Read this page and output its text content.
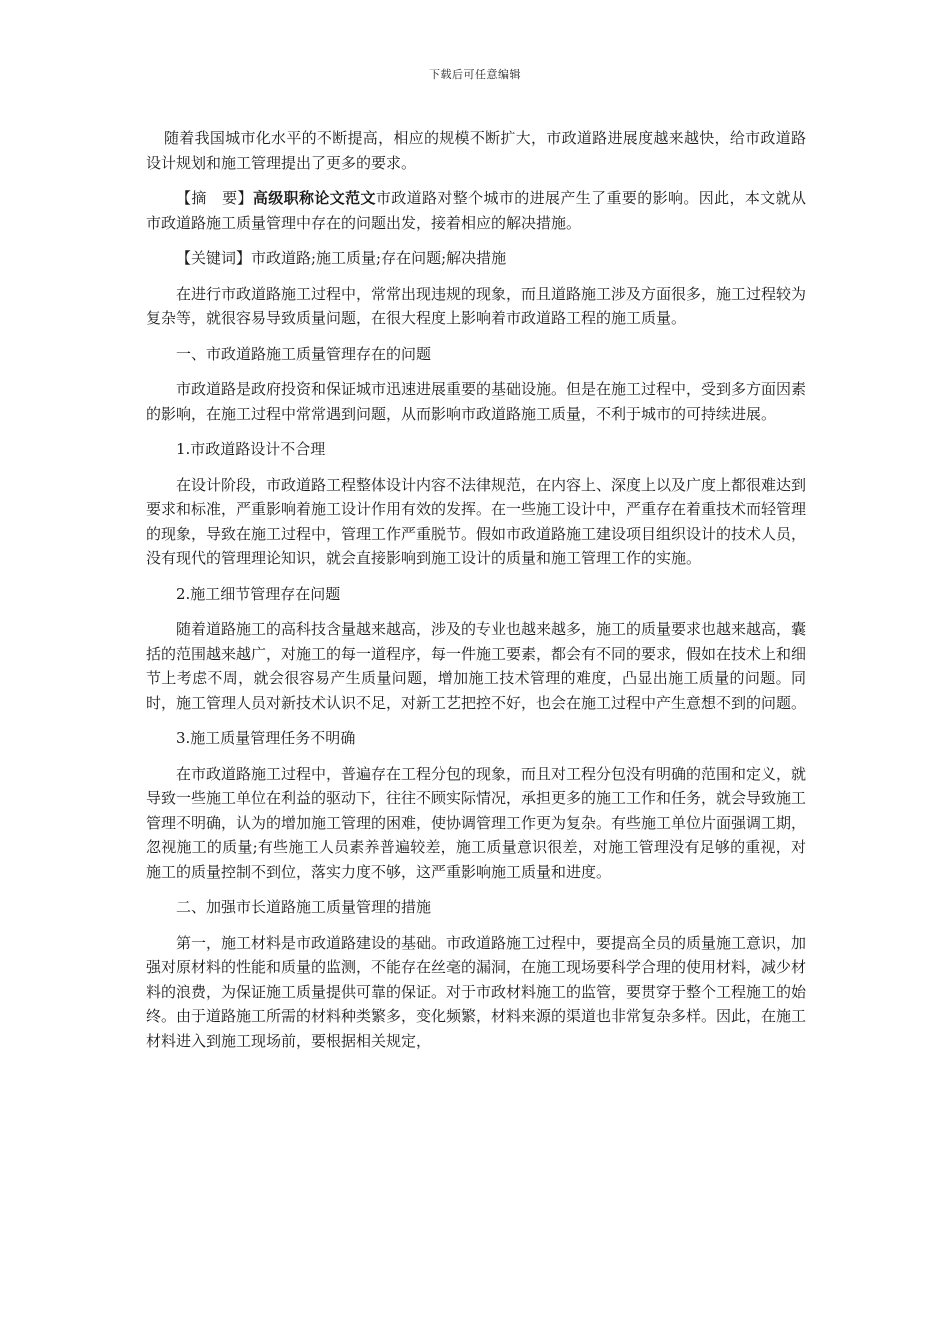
下载后可任意编辑

随着我国城市化水平的不断提高，相应的规模不断扩大，市政道路进展度越来越快，给市政道路设计规划和施工管理提出了更多的要求。

【摘　要】高级职称论文范文市政道路对整个城市的进展产生了重要的影响。因此，本文就从市政道路施工质量管理中存在的问题出发，接着相应的解决措施。

【关键词】市政道路;施工质量;存在问题;解决措施

在进行市政道路施工过程中，常常出现违规的现象，而且道路施工涉及方面很多，施工过程较为复杂等，就很容易导致质量问题，在很大程度上影响着市政道路工程的施工质量。

一、市政道路施工质量管理存在的问题

市政道路是政府投资和保证城市迅速进展重要的基础设施。但是在施工过程中，受到多方面因素的影响，在施工过程中常常遇到问题，从而影响市政道路施工质量，不利于城市的可持续进展。

1.市政道路设计不合理

在设计阶段，市政道路工程整体设计内容不法律规范，在内容上、深度上以及广度上都很难达到要求和标准，严重影响着施工设计作用有效的发挥。在一些施工设计中，严重存在着重技术而轻管理的现象，导致在施工过程中，管理工作严重脱节。假如市政道路施工建设项目组织设计的技术人员，没有现代的管理理论知识，就会直接影响到施工设计的质量和施工管理工作的实施。

2.施工细节管理存在问题

随着道路施工的高科技含量越来越高，涉及的专业也越来越多，施工的质量要求也越来越高，囊括的范围越来越广，对施工的每一道程序，每一件施工要素，都会有不同的要求，假如在技术上和细节上考虑不周，就会很容易产生质量问题，增加施工技术管理的难度，凸显出施工质量的问题。同时，施工管理人员对新技术认识不足，对新工艺把控不好，也会在施工过程中产生意想不到的问题。

3.施工质量管理任务不明确

在市政道路施工过程中，普遍存在工程分包的现象，而且对工程分包没有明确的范围和定义，就导致一些施工单位在利益的驱动下，往往不顾实际情况，承担更多的施工工作和任务，就会导致施工管理不明确，认为的增加施工管理的困难，使协调管理工作更为复杂。有些施工单位片面强调工期，忽视施工的质量;有些施工人员素养普遍较差，施工质量意识很差，对施工管理没有足够的重视，对施工的质量控制不到位，落实力度不够，这严重影响施工质量和进度。

二、加强市长道路施工质量管理的措施

第一，施工材料是市政道路建设的基础。市政道路施工过程中，要提高全员的质量施工意识，加强对原材料的性能和质量的监测，不能存在丝毫的漏洞，在施工现场要科学合理的使用材料，减少材料的浪费，为保证施工质量提供可靠的保证。对于市政材料施工的监管，要贯穿于整个工程施工的始终。由于道路施工所需的材料种类繁多，变化频繁，材料来源的渠道也非常复杂多样。因此，在施工材料进入到施工现场前，要根据相关规定，
